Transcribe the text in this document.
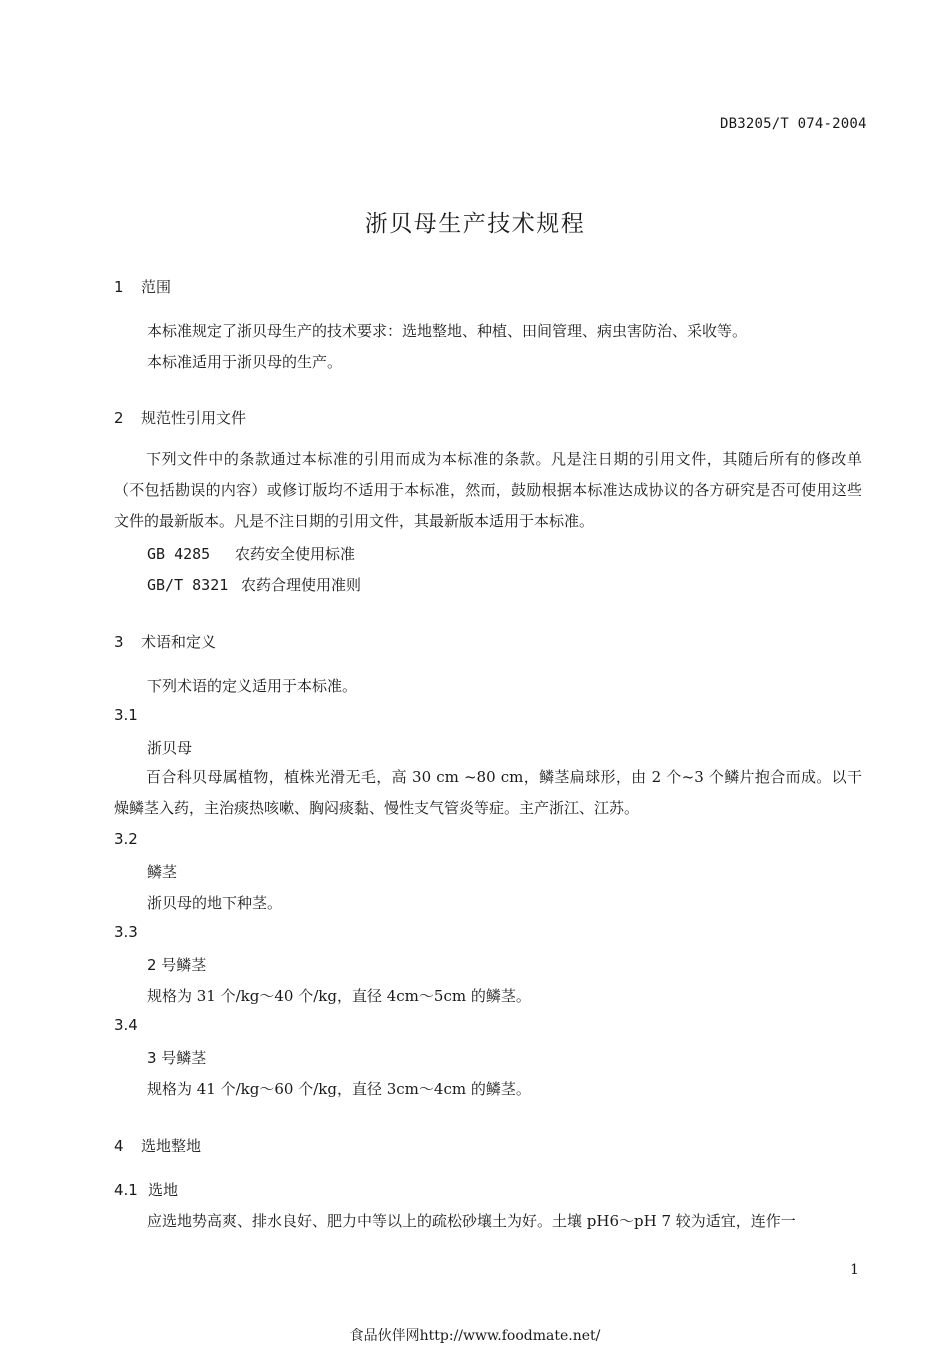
DB3205/T 074-2004
浙贝母生产技术规程
1 范围
本标准规定了浙贝母生产的技术要求：选地整地、种植、田间管理、病虫害防治、采收等。
本标准适用于浙贝母的生产。
2 规范性引用文件
下列文件中的条款通过本标准的引用而成为本标准的条款。凡是注日期的引用文件，其随后所有的修改单（不包括勘误的内容）或修订版均不适用于本标准，然而，鼓励根据本标准达成协议的各方研究是否可使用这些文件的最新版本。凡是不注日期的引用文件，其最新版本适用于本标准。
GB 4285 农药安全使用标准
GB/T 8321 农药合理使用准则
3 术语和定义
下列术语的定义适用于本标准。
3.1
浙贝母
百合科贝母属植物，植株光滑无毛，高 30 cm ~80 cm，鳞茎扁球形，由 2 个~3 个鳞片抱合而成。以干燥鳞茎入药，主治痰热咳嗽、胸闷痰黏、慢性支气管炎等症。主产浙江、江苏。
3.2
鳞茎
浙贝母的地下种茎。
3.3
2 号鳞茎
规格为 31 个/kg～40 个/kg，直径 4cm～5cm 的鳞茎。
3.4
3 号鳞茎
规格为 41 个/kg～60 个/kg，直径 3cm～4cm 的鳞茎。
4 选地整地
4.1 选地
应选地势高爽、排水良好、肥力中等以上的疏松砂壤土为好。土壤 pH6～pH 7 较为适宜，连作一
1
食品伙伴网http://www.foodmate.net/
